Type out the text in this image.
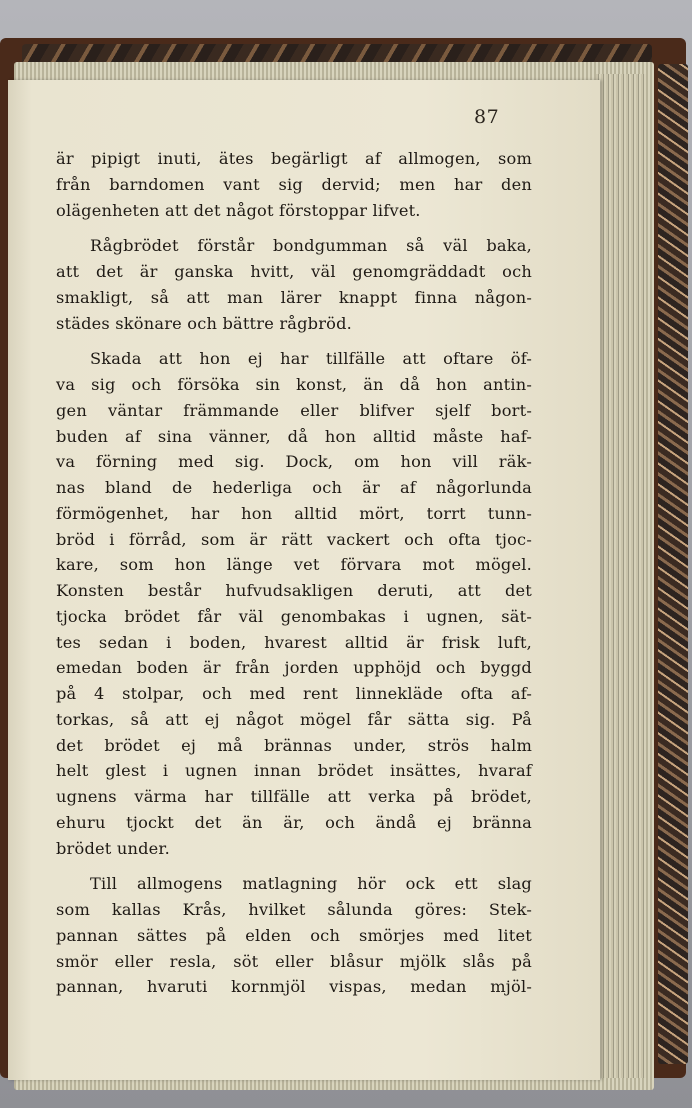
87
är pipigt inuti, ätes begärligt af allmogen, som
från barndomen vant sig dervid; men har den
olägenheten att det något förstoppar lifvet.
Rågbrödet förstår bondgumman så väl baka,
att det är ganska hvitt, väl genomgräddadt och
smakligt, så att man lärer knappt finna någon-
städes skönare och bättre rågbröd.
Skada att hon ej har tillfälle att oftare öf-
va sig och försöka sin konst, än då hon antin-
gen väntar främmande eller blifver sjelf bort-
buden af sina vänner, då hon alltid måste haf-
va förning med sig. Dock, om hon vill räk-
nas bland de hederliga och är af någorlunda
förmögenhet, har hon alltid mört, torrt tunn-
bröd i förråd, som är rätt vackert och ofta tjoc-
kare, som hon länge vet förvara mot mögel.
Konsten består hufvudsakligen deruti, att det
tjocka brödet får väl genombakas i ugnen, sät-
tes sedan i boden, hvarest alltid är frisk luft,
emedan boden är från jorden upphöjd och byggd
på 4 stolpar, och med rent linnekläde ofta af-
torkas, så att ej något mögel får sätta sig. På
det brödet ej må brännas under, strös halm
helt glest i ugnen innan brödet insättes, hvaraf
ugnens värma har tillfälle att verka på brödet,
ehuru tjockt det än är, och ändå ej bränna
brödet under.
Till allmogens matlagning hör ock ett slag
som kallas Krås, hvilket sålunda göres: Stek-
pannan sättes på elden och smörjes med litet
smör eller resla, söt eller blåsur mjölk slås på
pannan, hvaruti kornmjöl vispas, medan mjöl-
